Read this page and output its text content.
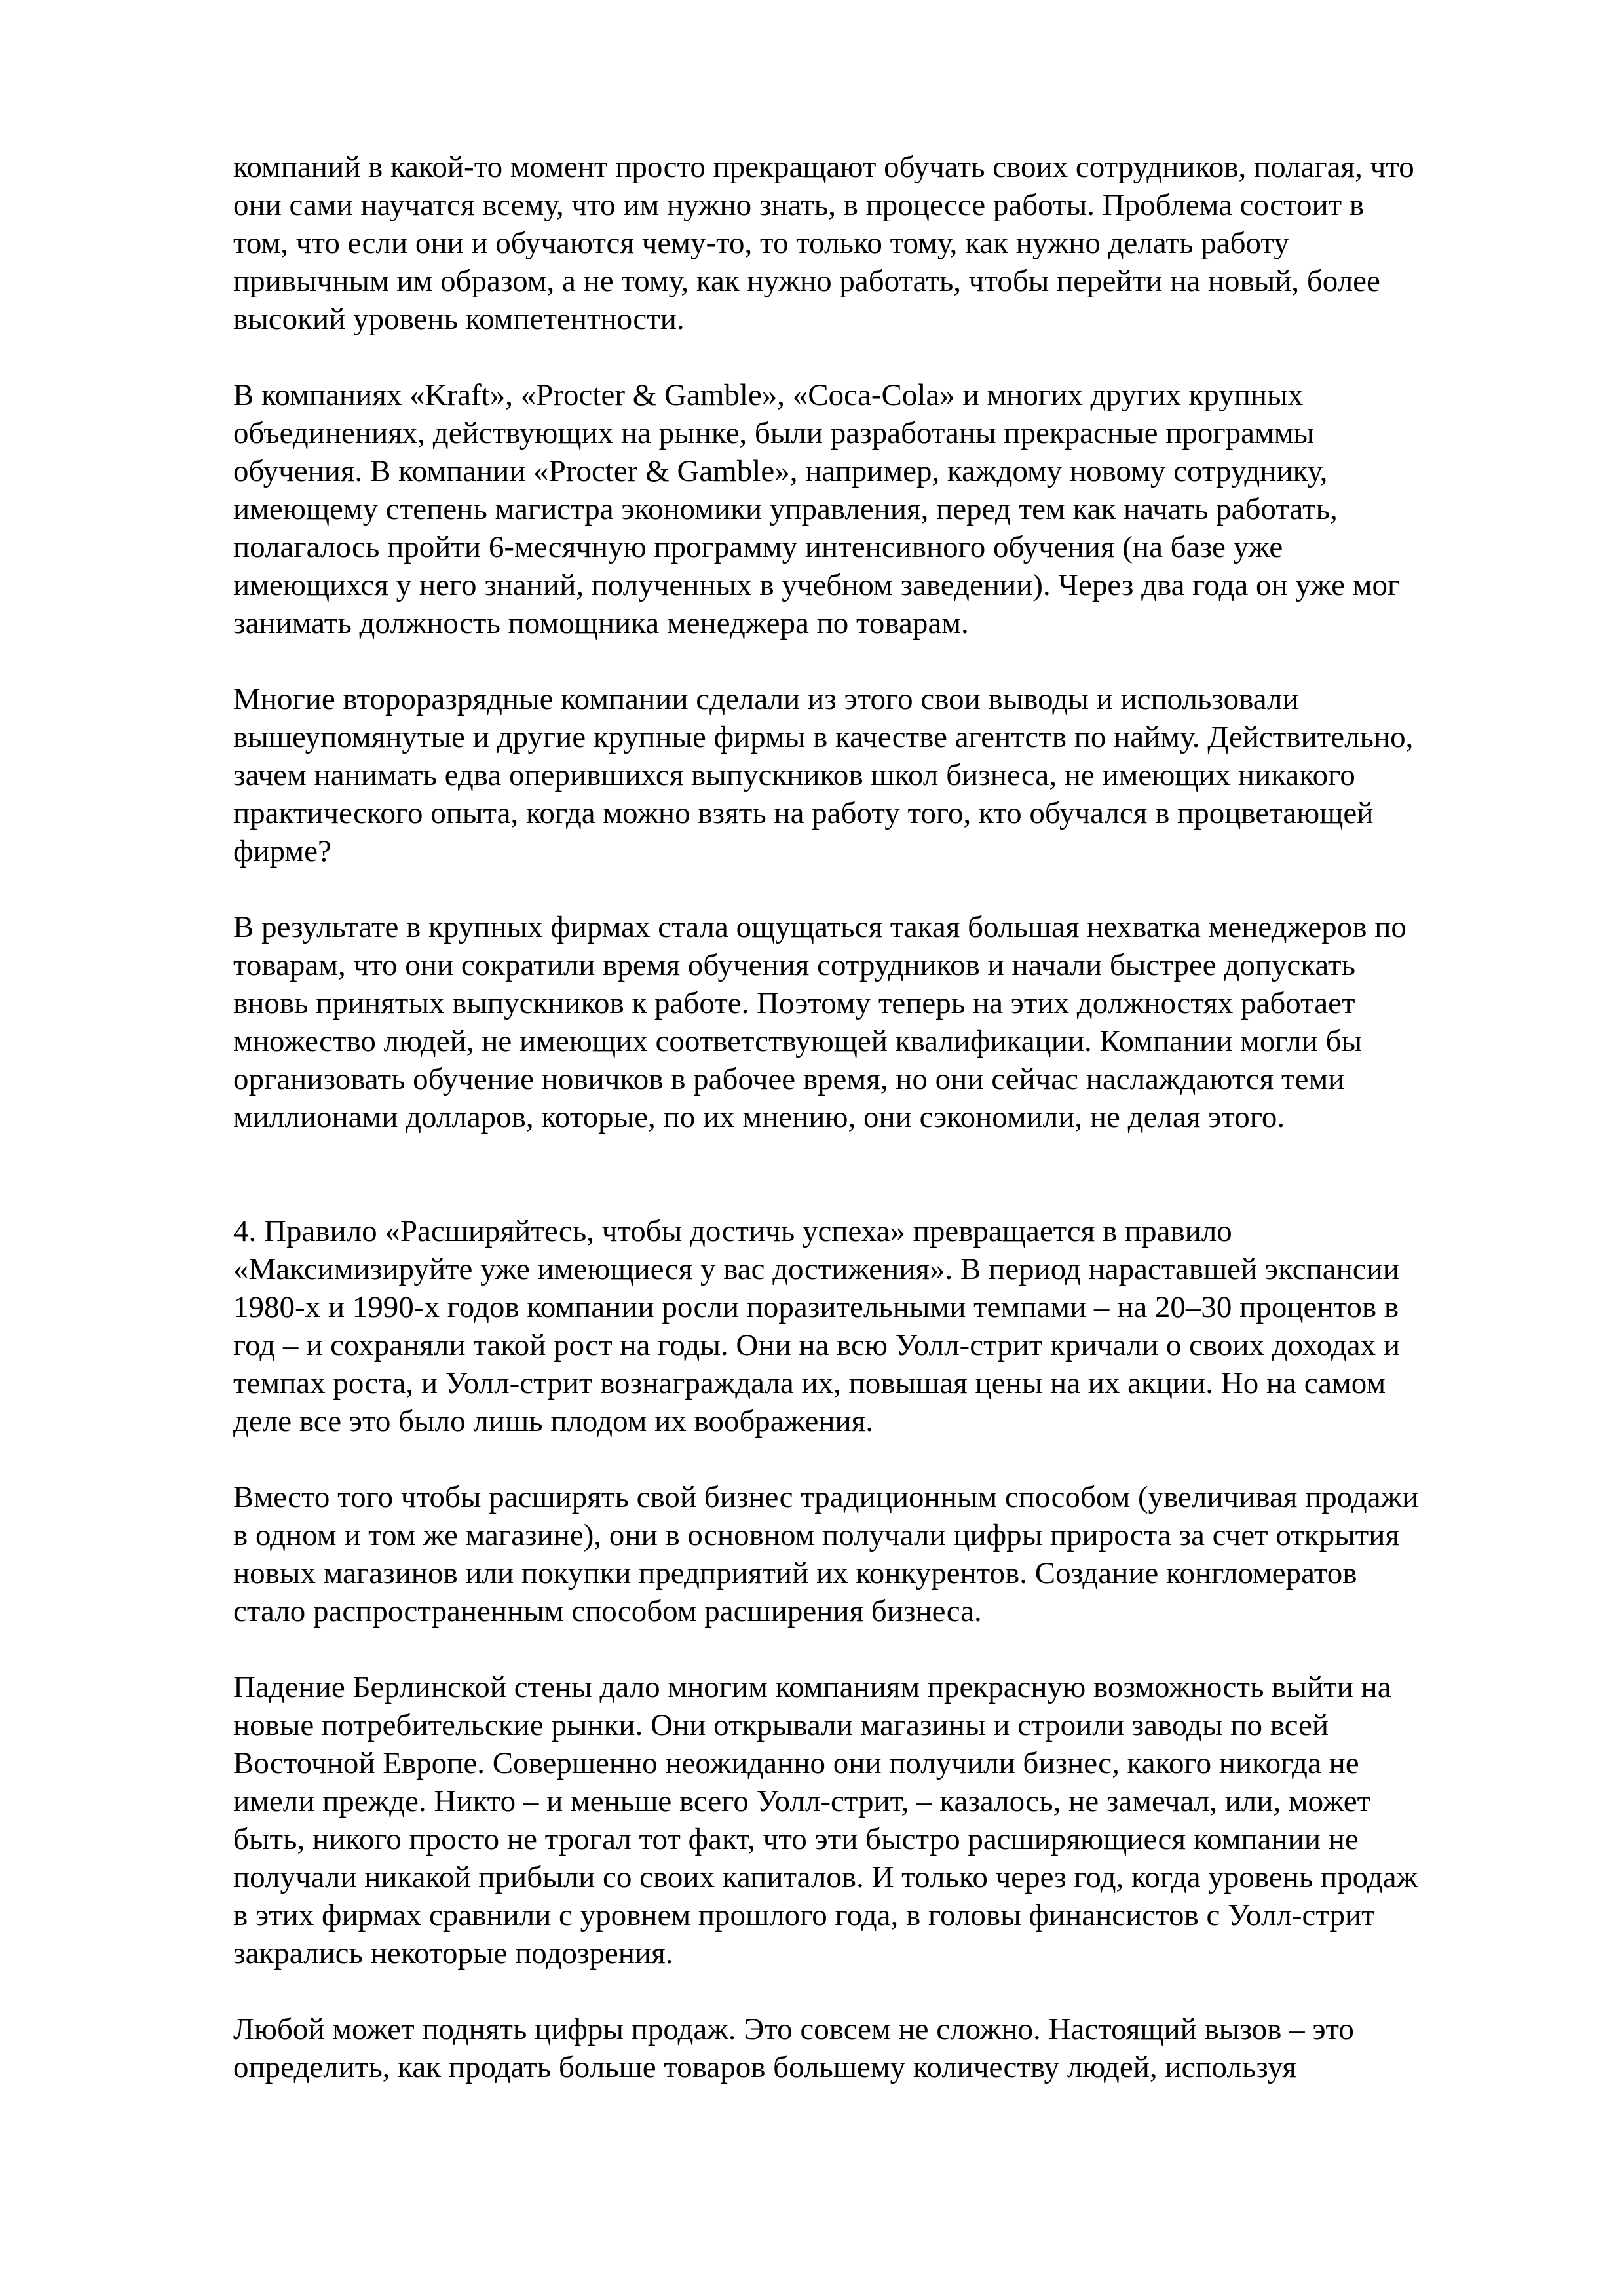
компаний в какой-то момент просто прекращают обучать своих сотрудников, полагая, что
они сами научатся всему, что им нужно знать, в процессе работы. Проблема состоит в
том, что если они и обучаются чему-то, то только тому, как нужно делать работу
привычным им образом, а не тому, как нужно работать, чтобы перейти на новый, более
высокий уровень компетентности.
В компаниях «Kraft», «Procter & Gamble», «Coca-Cola» и многих других крупных
объединениях, действующих на рынке, были разработаны прекрасные программы
обучения. В компании «Procter & Gamble», например, каждому новому сотруднику,
имеющему степень магистра экономики управления, перед тем как начать работать,
полагалось пройти 6-месячную программу интенсивного обучения (на базе уже
имеющихся у него знаний, полученных в учебном заведении). Через два года он уже мог
занимать должность помощника менеджера по товарам.
Многие второразрядные компании сделали из этого свои выводы и использовали
вышеупомянутые и другие крупные фирмы в качестве агентств по найму. Действительно,
зачем нанимать едва оперившихся выпускников школ бизнеса, не имеющих никакого
практического опыта, когда можно взять на работу того, кто обучался в процветающей
фирме?
В результате в крупных фирмах стала ощущаться такая большая нехватка менеджеров по
товарам, что они сократили время обучения сотрудников и начали быстрее допускать
вновь принятых выпускников к работе. Поэтому теперь на этих должностях работает
множество людей, не имеющих соответствующей квалификации. Компании могли бы
организовать обучение новичков в рабочее время, но они сейчас наслаждаются теми
миллионами долларов, которые, по их мнению, они сэкономили, не делая этого.
4. Правило «Расширяйтесь, чтобы достичь успеха» превращается в правило
«Максимизируйте уже имеющиеся у вас достижения». В период нараставшей экспансии
1980-х и 1990-х годов компании росли поразительными темпами – на 20–30 процентов в
год – и сохраняли такой рост на годы. Они на всю Уолл-стрит кричали о своих доходах и
темпах роста, и Уолл-стрит вознаграждала их, повышая цены на их акции. Но на самом
деле все это было лишь плодом их воображения.
Вместо того чтобы расширять свой бизнес традиционным способом (увеличивая продажи
в одном и том же магазине), они в основном получали цифры прироста за счет открытия
новых магазинов или покупки предприятий их конкурентов. Создание конгломератов
стало распространенным способом расширения бизнеса.
Падение Берлинской стены дало многим компаниям прекрасную возможность выйти на
новые потребительские рынки. Они открывали магазины и строили заводы по всей
Восточной Европе. Совершенно неожиданно они получили бизнес, какого никогда не
имели прежде. Никто – и меньше всего Уолл-стрит, – казалось, не замечал, или, может
быть, никого просто не трогал тот факт, что эти быстро расширяющиеся компании не
получали никакой прибыли со своих капиталов. И только через год, когда уровень продаж
в этих фирмах сравнили с уровнем прошлого года, в головы финансистов с Уолл-стрит
закрались некоторые подозрения.
Любой может поднять цифры продаж. Это совсем не сложно. Настоящий вызов – это
определить, как продать больше товаров большему количеству людей, используя
